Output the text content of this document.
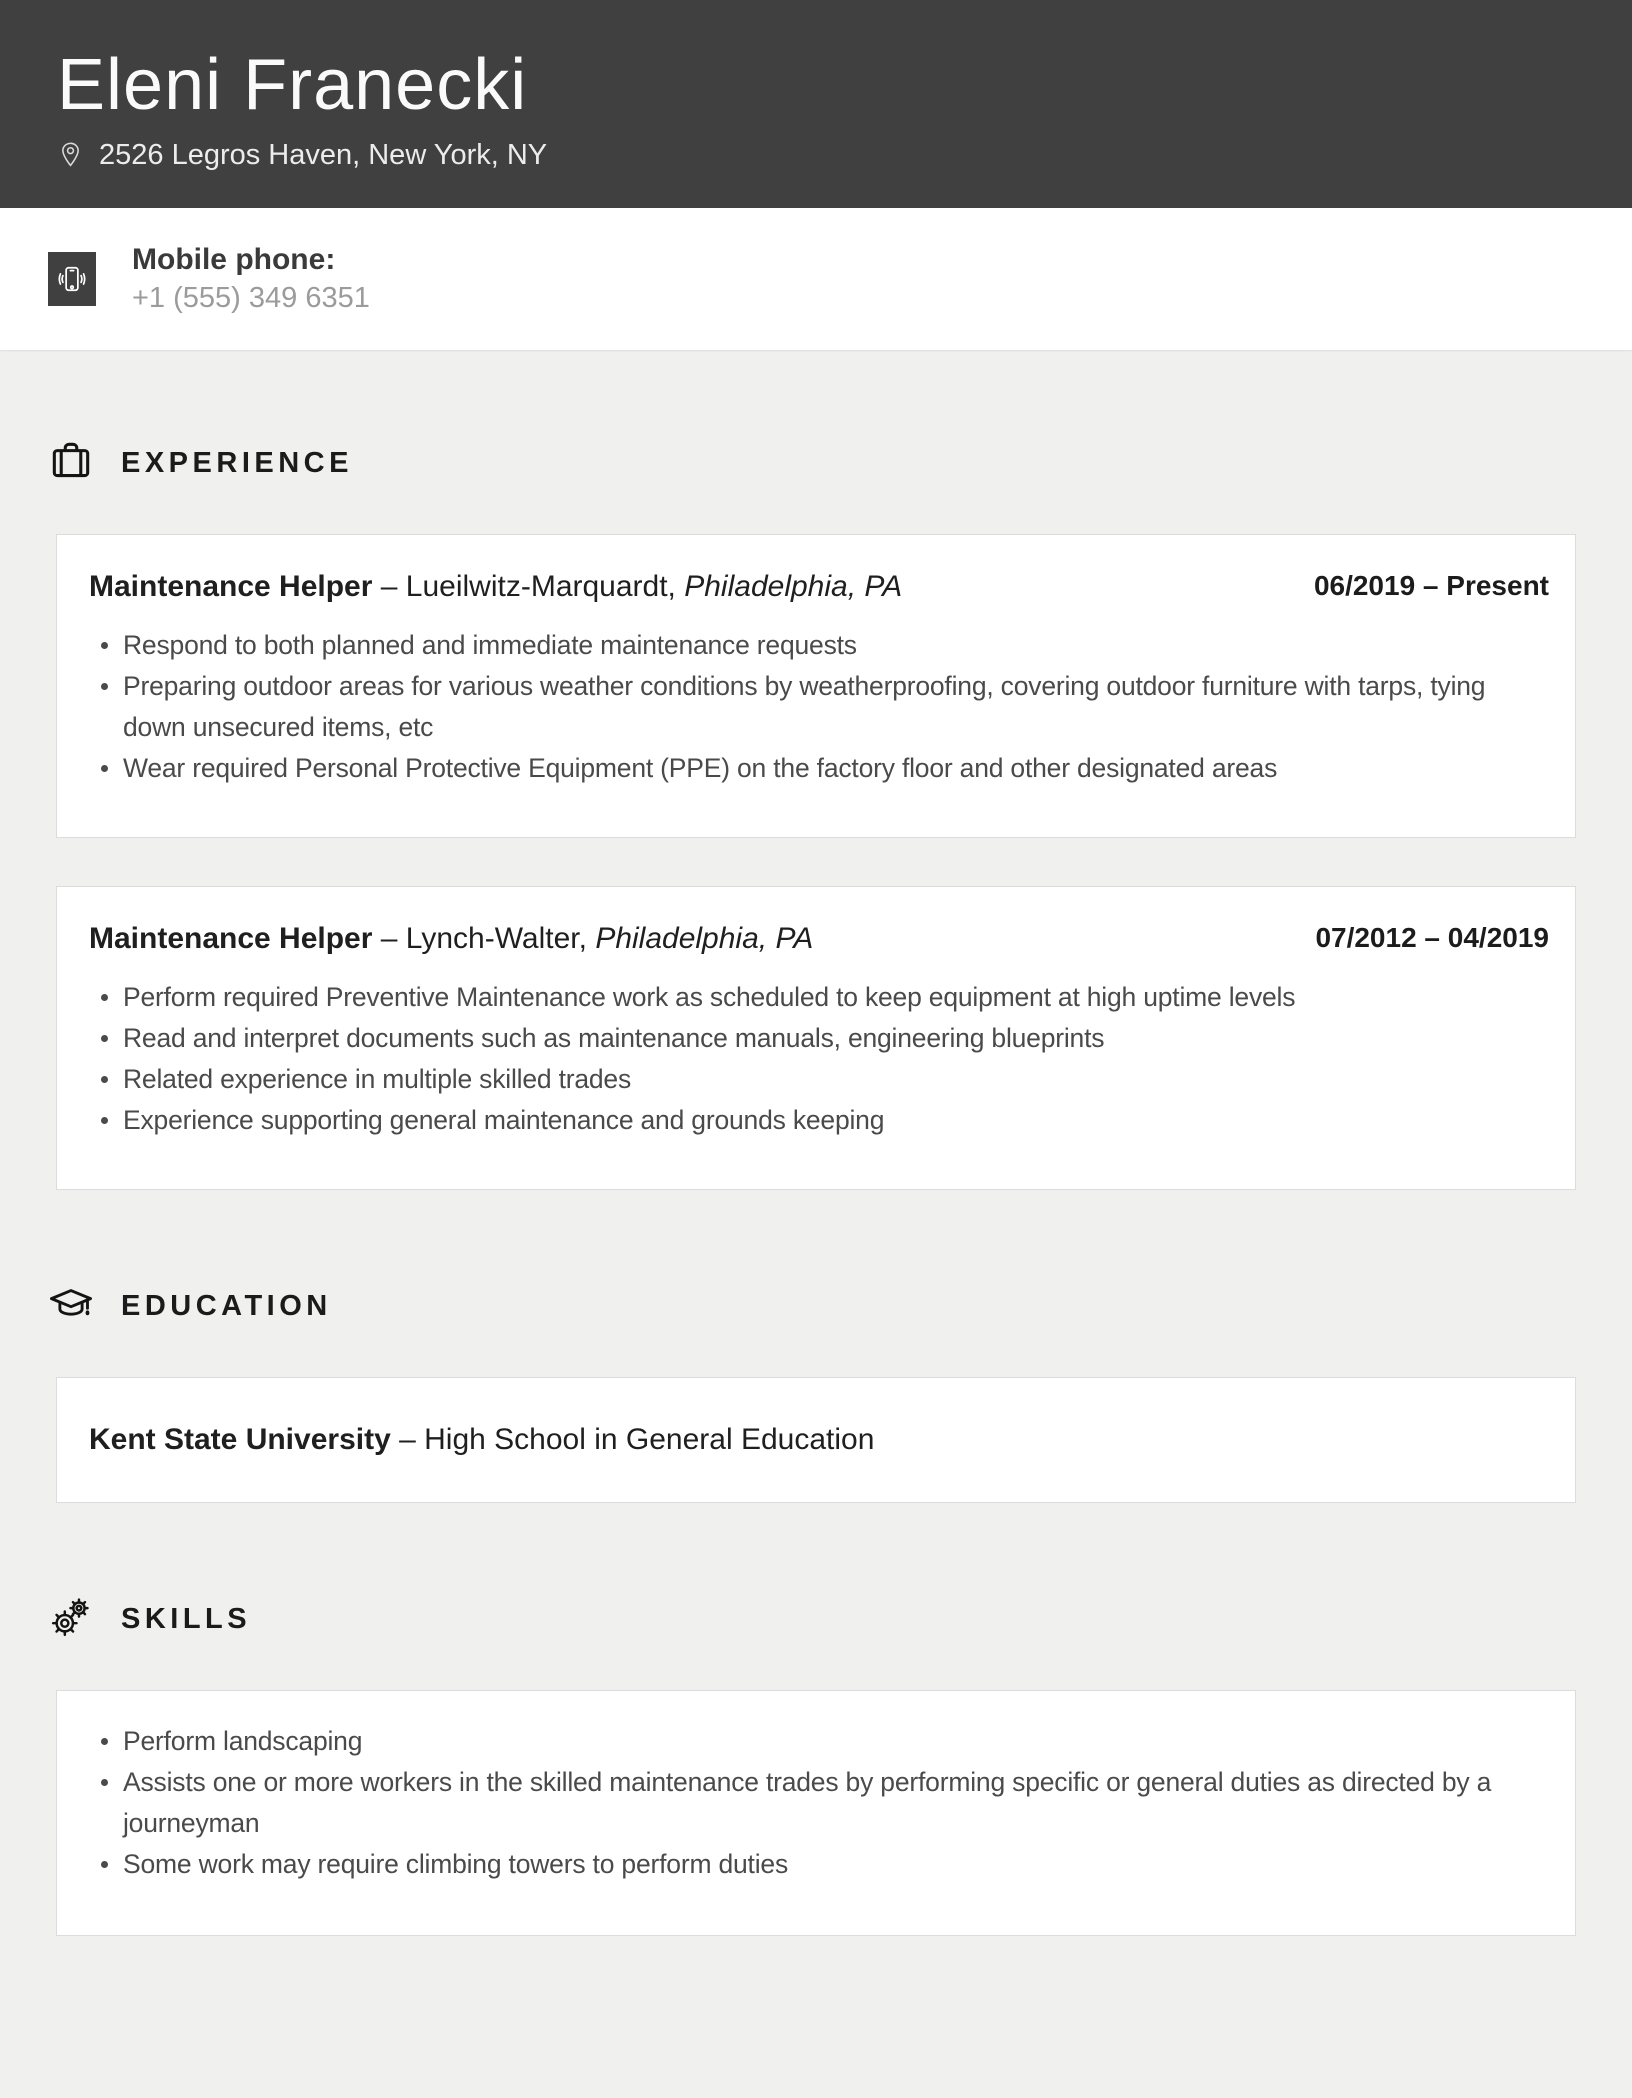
Eleni Franecki
2526 Legros Haven, New York, NY
Mobile phone:
+1 (555) 349 6351
EXPERIENCE
Maintenance Helper – Lueilwitz-Marquardt, Philadelphia, PA	06/2019 – Present
Respond to both planned and immediate maintenance requests
Preparing outdoor areas for various weather conditions by weatherproofing, covering outdoor furniture with tarps, tying down unsecured items, etc
Wear required Personal Protective Equipment (PPE) on the factory floor and other designated areas
Maintenance Helper – Lynch-Walter, Philadelphia, PA	07/2012 – 04/2019
Perform required Preventive Maintenance work as scheduled to keep equipment at high uptime levels
Read and interpret documents such as maintenance manuals, engineering blueprints
Related experience in multiple skilled trades
Experience supporting general maintenance and grounds keeping
EDUCATION
Kent State University – High School in General Education
SKILLS
Perform landscaping
Assists one or more workers in the skilled maintenance trades by performing specific or general duties as directed by a journeyman
Some work may require climbing towers to perform duties
